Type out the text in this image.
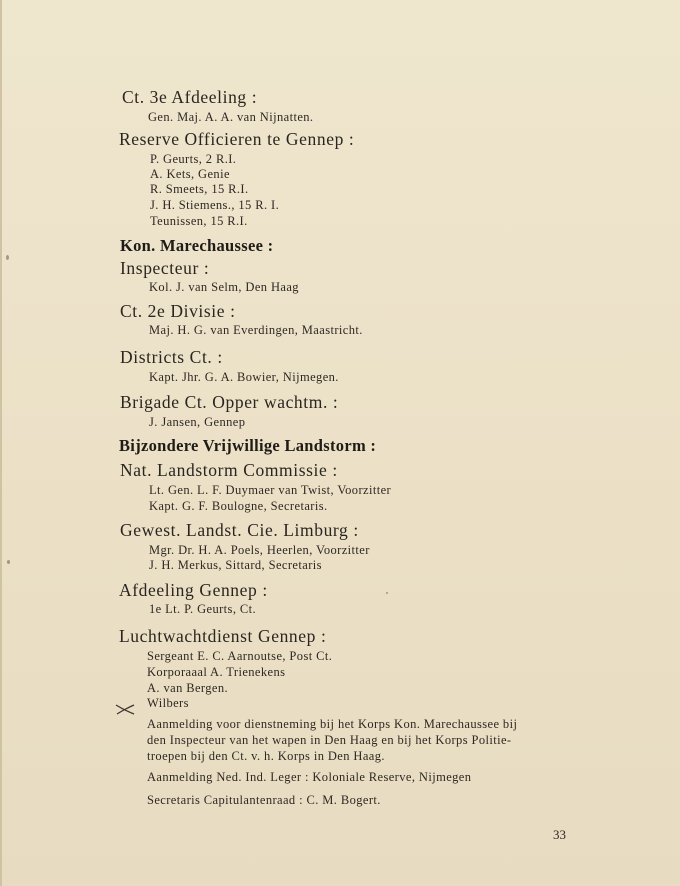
Ct. 3e Afdeeling :
Gen. Maj. A. A. van Nijnatten.
Reserve Officieren te Gennep :
P. Geurts, 2 R.I.
A. Kets, Genie
R. Smeets, 15 R.I.
J. H. Stiemens., 15 R. I.
Teunissen, 15 R.I.
Kon. Marechaussee :
Inspecteur :
Kol. J. van Selm, Den Haag
Ct. 2e Divisie :
Maj. H. G. van Everdingen, Maastricht.
Districts Ct. :
Kapt. Jhr. G. A. Bowier, Nijmegen.
Brigade Ct. Opper wachtm. :
J. Jansen, Gennep
Bijzondere Vrijwillige Landstorm :
Nat. Landstorm Commissie :
Lt. Gen. L. F. Duymaer van Twist, Voorzitter
Kapt. G. F. Boulogne, Secretaris.
Gewest. Landst. Cie. Limburg :
Mgr. Dr. H. A. Poels, Heerlen, Voorzitter
J. H. Merkus, Sittard, Secretaris
Afdeeling Gennep :
1e Lt. P. Geurts, Ct.
Luchtwachtdienst Gennep :
Sergeant E. C. Aarnoutse, Post Ct.
Korporaaal A. Trienekens
A. van Bergen.
Wilbers
Aanmelding voor dienstneming bij het Korps Kon. Marechaussee bij
den Inspecteur van het wapen in Den Haag en bij het Korps Politie-
troepen bij den Ct. v. h. Korps in Den Haag.
Aanmelding Ned. Ind. Leger : Koloniale Reserve, Nijmegen
Secretaris Capitulantenraad : C. M. Bogert.
33
